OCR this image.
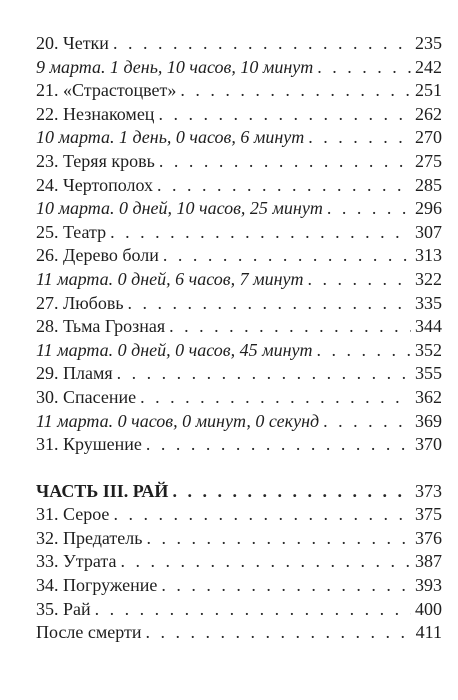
20. Четки . . .	235
9 марта. 1 день, 10 часов, 10 минут . . .	242
21. «Страстоцвет» . . .	251
22. Незнакомец . . .	262
10 марта. 1 день, 0 часов, 6 минут . . .	270
23. Теряя кровь . . .	275
24. Чертополох . . .	285
10 марта. 0 дней, 10 часов, 25 минут . . .	296
25. Театр . . .	307
26. Дерево боли . . .	313
11 марта. 0 дней, 6 часов, 7 минут . . .	322
27. Любовь . . .	335
28. Тьма Грозная . . .	344
11 марта. 0 дней, 0 часов, 45 минут . . .	352
29. Пламя . . .	355
30. Спасение . . .	362
11 марта. 0 часов, 0 минут, 0 секунд . . .	369
31. Крушение . . .	370
ЧАСТЬ III. РАЙ . . .	373
31. Серое . . .	375
32. Предатель . . .	376
33. Утрата . . .	387
34. Погружение . . .	393
35. Рай . . .	400
После смерти . . .	411
